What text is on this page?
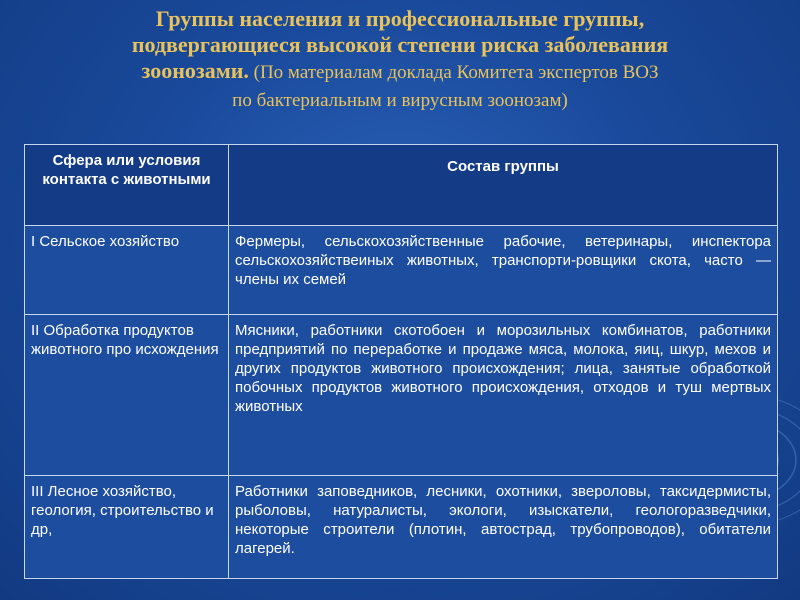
Группы населения и профессиональные группы,
подвергающиеся высокой степени риска заболевания
зоонозами. (По материалам доклада Комитета экспертов ВОЗ
по бактериальным и вирусным зоонозам)
Сфера или условия контакта с животными	Состав группы
I Сельское хозяйство	Фермеры, сельскохозяйственные рабочие, ветеринары, инспектора сельскохозяйствеиных животных, транспорти-ровщики скота, часто — члены их семей
II Обработка продуктов животного про исхождения	Мясники, работники скотобоен и морозильных комбинатов, работники предприятий по переработке и продаже мяса, молока, яиц, шкур, мехов и других продуктов животного происхождения; лица, занятые обработкой побочных продуктов животного происхождения, отходов и туш мертвых животных
III Лесное хозяйство, геология, строительство и др,	Работники заповедников, лесники, охотники, звероловы, таксидермисты, рыболовы, натуралисты, экологи, изыскатели, геологоразведчики, некоторые строители (плотин, автострад, трубопроводов), обитатели лагерей.
